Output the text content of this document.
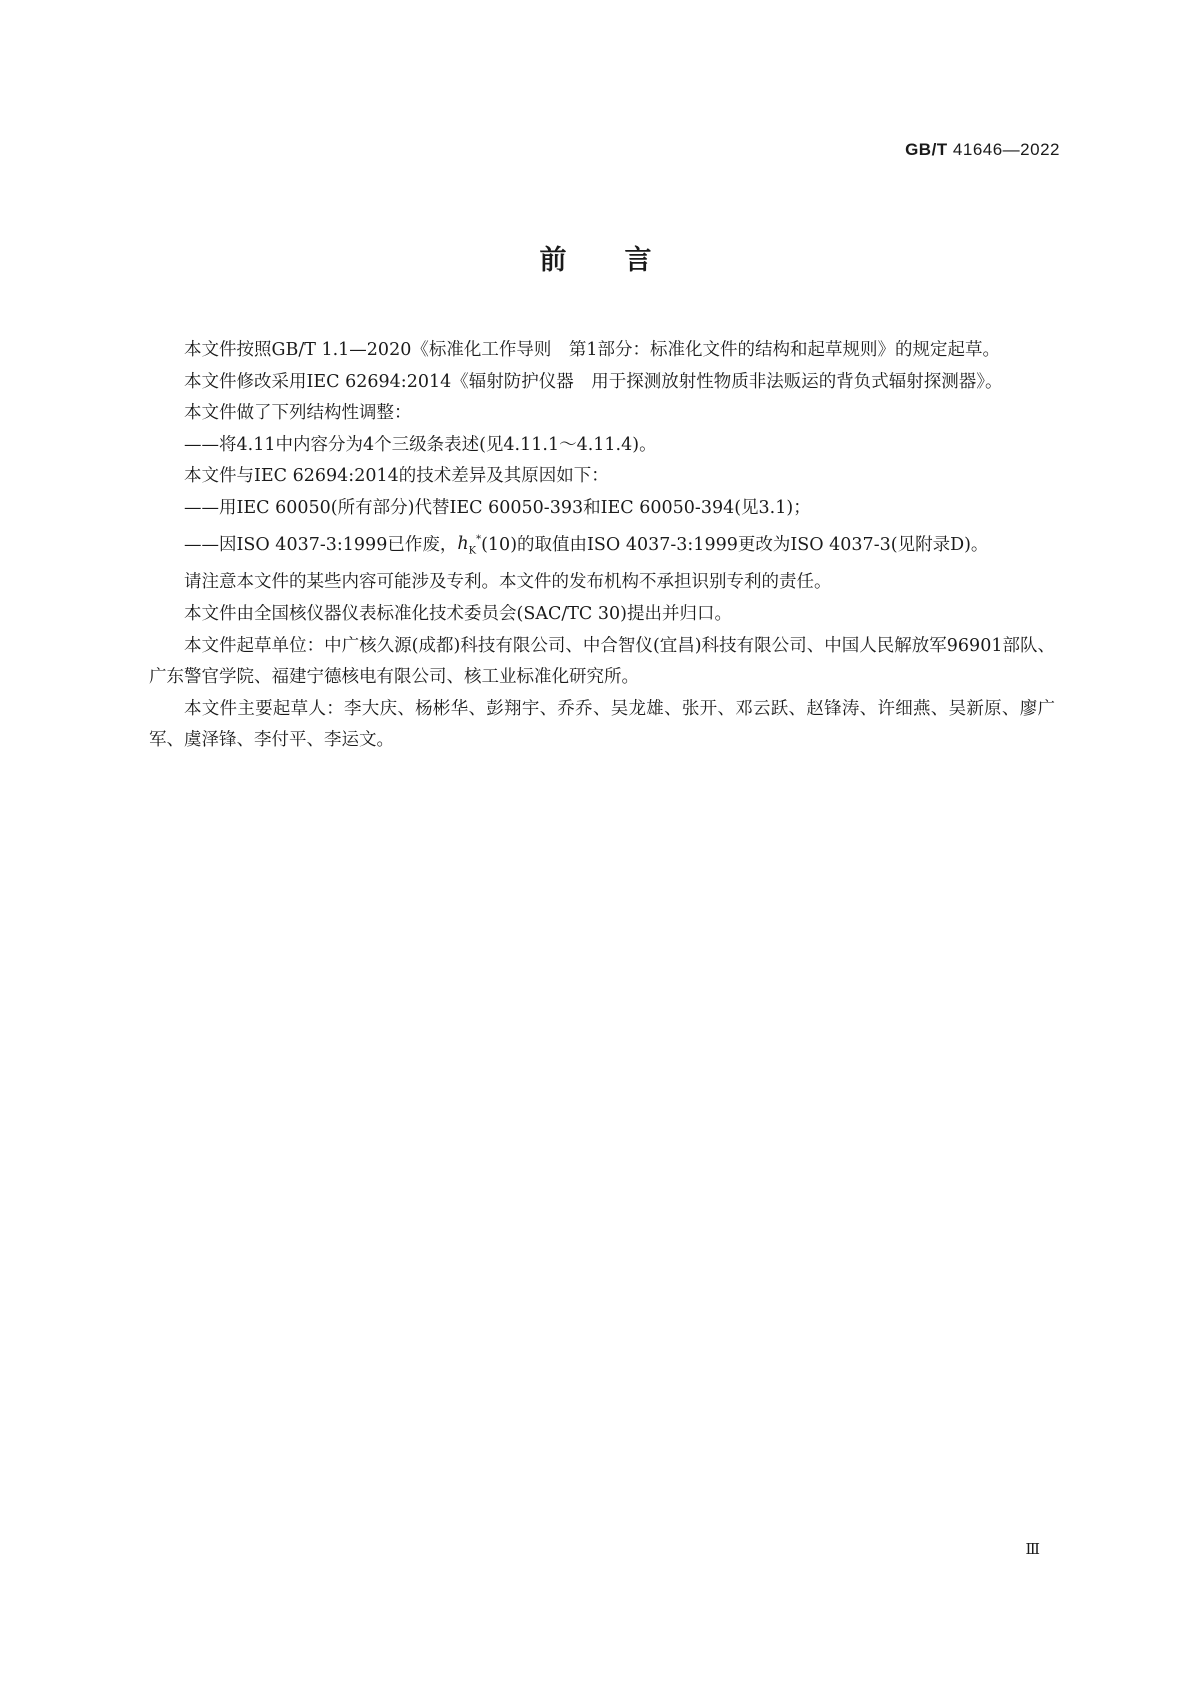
GB/T 41646—2022
前 言

本文件按照GB/T 1.1—2020《标准化工作导则　第1部分：标准化文件的结构和起草规则》的规定起草。

本文件修改采用IEC 62694:2014《辐射防护仪器　用于探测放射性物质非法贩运的背负式辐射探测器》。

本文件做了下列结构性调整：

——将4.11中内容分为4个三级条表述(见4.11.1～4.11.4)。

本文件与IEC 62694:2014的技术差异及其原因如下：

——用IEC 60050(所有部分)代替IEC 60050-393和IEC 60050-394(见3.1)；

——因ISO 4037-3:1999已作废，$h_K^*(10)$的取值由ISO 4037-3:1999更改为ISO 4037-3(见附录D)。

请注意本文件的某些内容可能涉及专利。本文件的发布机构不承担识别专利的责任。

本文件由全国核仪器仪表标准化技术委员会(SAC/TC 30)提出并归口。

本文件起草单位：中广核久源(成都)科技有限公司、中合智仪(宜昌)科技有限公司、中国人民解放军96901部队、广东警官学院、福建宁德核电有限公司、核工业标准化研究所。

本文件主要起草人：李大庆、杨彬华、彭翔宇、乔乔、吴龙雄、张开、邓云跃、赵锋涛、许细燕、吴新原、廖广军、虞泽锋、李付平、李运文。

Ⅲ
